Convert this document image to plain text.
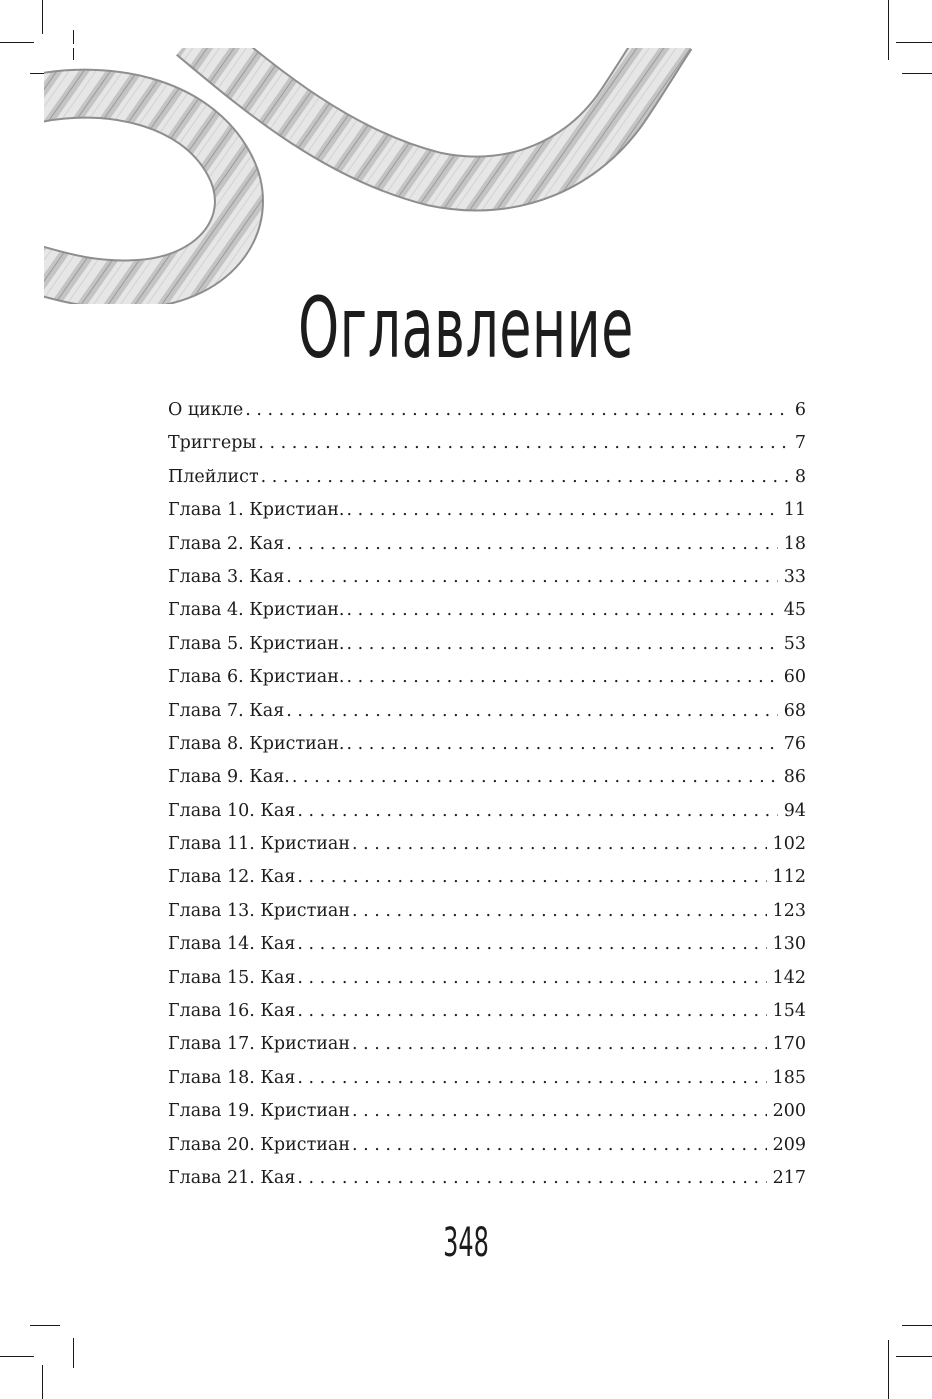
Оглавление
О цикле . . .	6
Триггеры . . .	7
Плейлист . . .	8
Глава 1. Кристиан. . . .	11
Глава 2. Кая . . .	18
Глава 3. Кая . . .	33
Глава 4. Кристиан. . . .	45
Глава 5. Кристиан. . . .	53
Глава 6. Кристиан. . . .	60
Глава 7. Кая . . .	68
Глава 8. Кристиан. . . .	76
Глава 9. Кая. . . .	86
Глава 10. Кая . . .	94
Глава 11. Кристиан . . .	102
Глава 12. Кая . . .	112
Глава 13. Кристиан . . .	123
Глава 14. Кая . . .	130
Глава 15. Кая . . .	142
Глава 16. Кая . . .	154
Глава 17. Кристиан . . .	170
Глава 18. Кая . . .	185
Глава 19. Кристиан . . .	200
Глава 20. Кристиан . . .	209
Глава 21. Кая . . .	217
348
